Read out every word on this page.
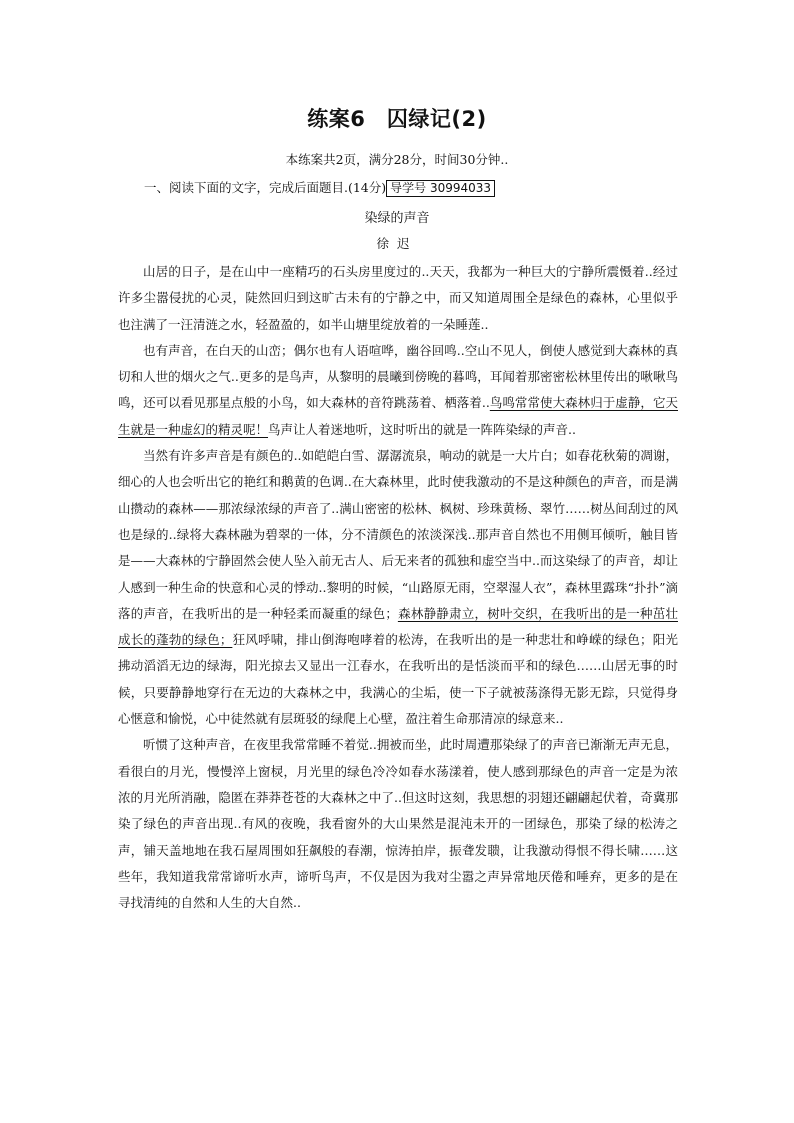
练案6　囚绿记(2)
本练案共2页，满分28分，时间30分钟..
一、阅读下面的文字，完成后面题目.(14分) 导学号 30994033
染绿的声音
徐迟

山居的日子，是在山中一座精巧的石头房里度过的..天天，我都为一种巨大的宁静所震慑着..经过许多尘嚣侵扰的心灵，陡然回归到这旷古未有的宁静之中，而又知道周围全是绿色的森林，心里似乎也注满了一汪清涟之水，轻盈盈的，如半山塘里绽放着的一朵睡莲..

也有声音，在白天的山峦；偶尔也有人语喧哗，幽谷回鸣..空山不见人，倒使人感觉到大森林的真切和人世的烟火之气..更多的是鸟声，从黎明的晨曦到傍晚的暮鸣，耳闻着那密密松林里传出的啾啾鸟鸣，还可以看见那星点般的小鸟，如大森林的音符跳荡着、栖落着..鸟鸣常常使大森林归于虚静，它天生就是一种虚幻的精灵呢！鸟声让人着迷地听，这时听出的就是一阵阵染绿的声音..

当然有许多声音是有颜色的..如皑皑白雪、潺潺流泉，响动的就是一大片白；如春花秋菊的凋谢，细心的人也会听出它的艳红和鹅黄的色调..在大森林里，此时使我激动的不是这种颜色的声音，而是满山攒动的森林——那浓绿浓绿的声音了..满山密密的松林、枫树、珍珠黄杨、翠竹……树丛间刮过的风也是绿的..绿将大森林融为碧翠的一体，分不清颜色的浓淡深浅..那声音自然也不用侧耳倾听，触目皆是——大森林的宁静固然会使人坠入前无古人、后无来者的孤独和虚空当中..而这染绿了的声音，却让人感到一种生命的快意和心灵的悸动..黎明的时候，“山路原无雨，空翠湿人衣”，森林里露珠“扑扑”滴落的声音，在我听出的是一种轻柔而凝重的绿色；森林静静肃立，树叶交织，在我听出的是一种茁壮成长的蓬勃的绿色；狂风呼啸，排山倒海咆哮着的松涛，在我听出的是一种悲壮和峥嵘的绿色；阳光拂动滔滔无边的绿海，阳光掠去又显出一江春水，在我听出的是恬淡而平和的绿色……山居无事的时候，只要静静地穿行在无边的大森林之中，我满心的尘垢，使一下子就被荡涤得无影无踪，只觉得身心惬意和愉悦，心中徒然就有层斑驳的绿爬上心壁，盈注着生命那清凉的绿意来..

听惯了这种声音，在夜里我常常睡不着觉..拥被而坐，此时周遭那染绿了的声音已渐渐无声无息，看很白的月光，慢慢淬上窗棂，月光里的绿色冷冷如春水荡漾着，使人感到那绿色的声音一定是为浓浓的月光所消融，隐匿在莽莽苍苍的大森林之中了..但这时这刻，我思想的羽翅还翩翩起伏着，奇冀那染了绿色的声音出现..有风的夜晚，我看窗外的大山果然是混沌未开的一团绿色，那染了绿的松涛之声，铺天盖地地在我石屋周围如狂飙般的春潮，惊涛拍岸，振聋发聩，让我激动得恨不得长啸……这些年，我知道我常常谛听水声，谛听鸟声，不仅是因为我对尘嚣之声异常地厌倦和唾弃，更多的是在寻找清纯的自然和人生的大自然..
